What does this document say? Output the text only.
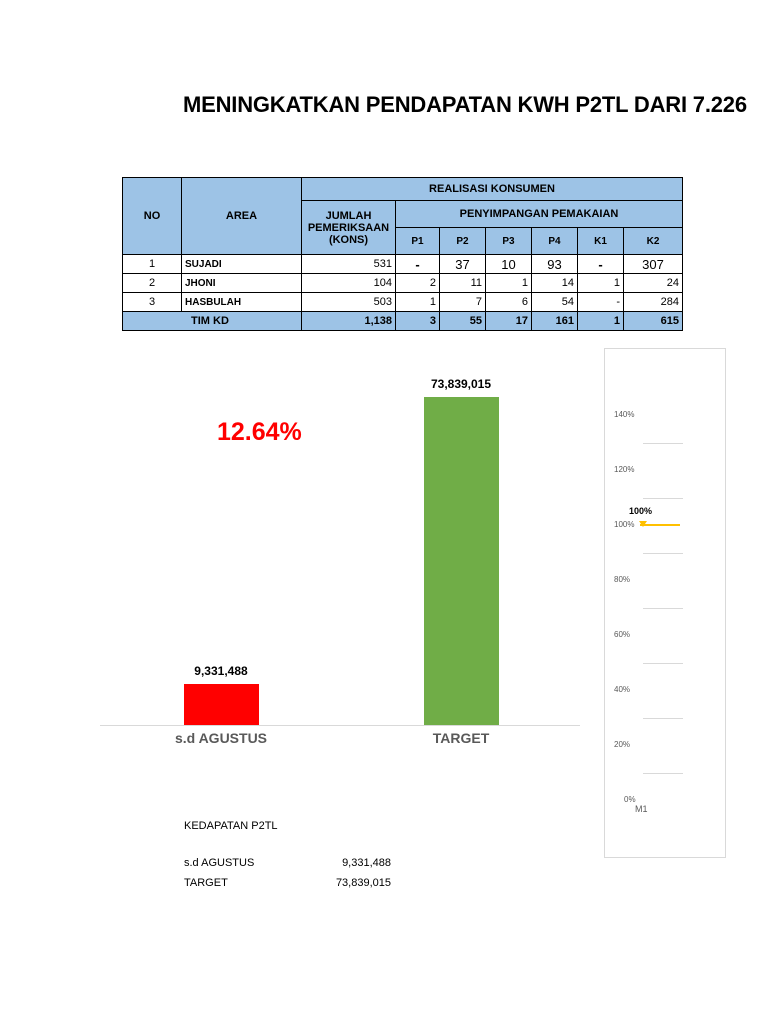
MENINGKATKAN PENDAPATAN KWH P2TL DARI 7.226
NO	AREA	REALISASI KONSUMEN						
		JUMLAH
PEMERIKSAAN
(KONS)	PENYIMPANGAN PEMAKAIAN					
			P1	P2	P3	P4	K1	K2
1	SUJADI	531	-	37	10	93	-	307
2	JHONI	104	2	11	1	14	1	24
3	HASBULAH	503	1	7	6	54	-	284
TIM KD		1,138	3	55	17	161	1	615
12.64%
9,331,488
73,839,015
s.d AGUSTUS	TARGET
140%
120%
100%
80%
60%
40%
20%
0%
100%
M1
KEDAPATAN P2TL
s.d AGUSTUS	9,331,488
TARGET	73,839,015
